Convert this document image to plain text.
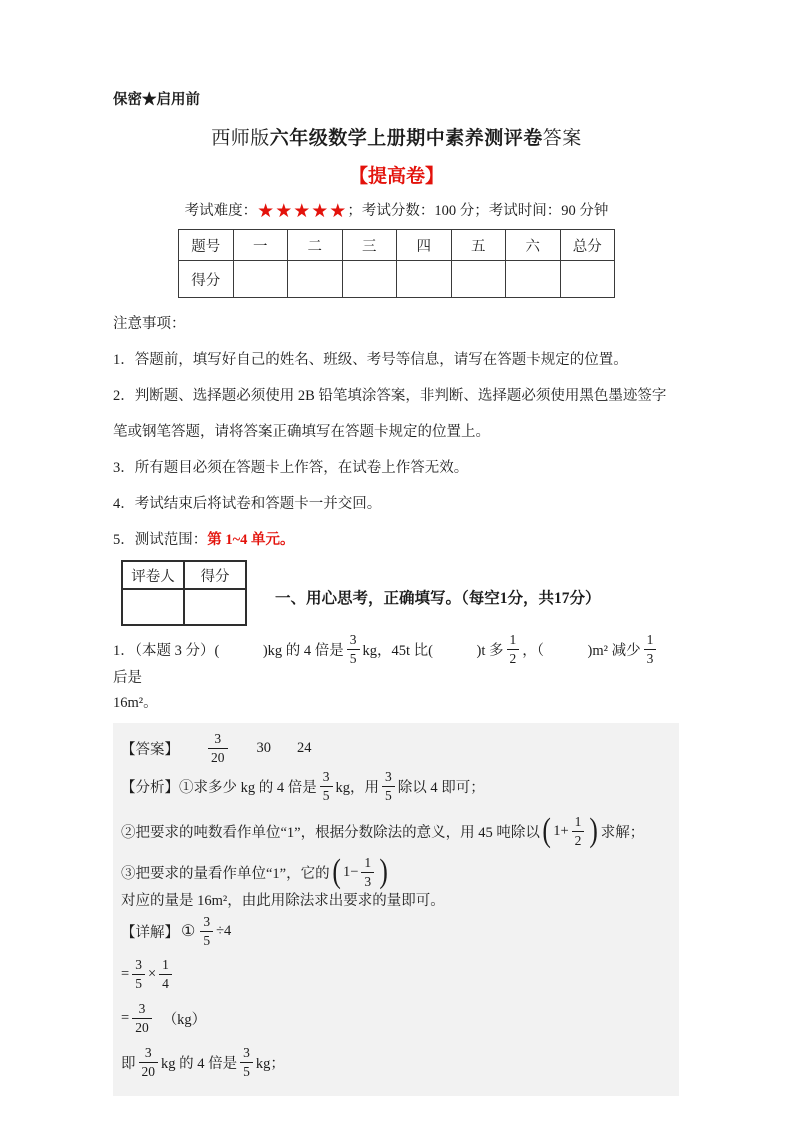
保密★启用前
西师版六年级数学上册期中素养测评卷答案
【提高卷】
考试难度：★★★★★；考试分数：100 分；考试时间：90 分钟
题号	一	二	三	四	五	六	总分
得分							
注意事项：
1．答题前，填写好自己的姓名、班级、考号等信息，请写在答题卡规定的位置。
2．判断题、选择题必须使用 2B 铅笔填涂答案，非判断、选择题必须使用黑色墨迹签字笔或钢笔答题，请将答案正确填写在答题卡规定的位置上。
3．所有题目必须在答题卡上作答，在试卷上作答无效。
4．考试结束后将试卷和答题卡一并交回。
5．测试范围：第 1~4 单元。
评卷人	得分

一、用心思考，正确填写。（每空1分，共17分）
1．（本题 3 分）(　　　)kg 的 4 倍是 $\frac{3}{5}$ kg，45t 比(　　　)t 多 $\frac{1}{2}$ ，（　　　)m² 减少 $\frac{1}{3}$
后是
16m²。
【答案】 $\frac{3}{20} 30$ 24
【分析】 ①求多少 kg 的 4 倍是 $\frac{3}{5}$ kg，用 $\frac{3}{5}$ 除以 4 即可；
②把要求的吨数看作单位“1”，根据分数除法的意义，用 45 吨除以 ( $1+ \frac{1}{2}$ ) 求解；
③把要求的量看作单位“1”，它的 ( $1- \frac{1}{3}$ )
对应的量是 16m²，由此用除法求出要求的量即可。
【详解】 ① $\frac{3}{5} \div 4$
= $\frac{3}{5} \times \frac{1}{4}$
= $\frac{3}{20} (kg)$
即 $\frac{3}{20}$ kg 的 4 倍是 $\frac{3}{5}$ kg；
